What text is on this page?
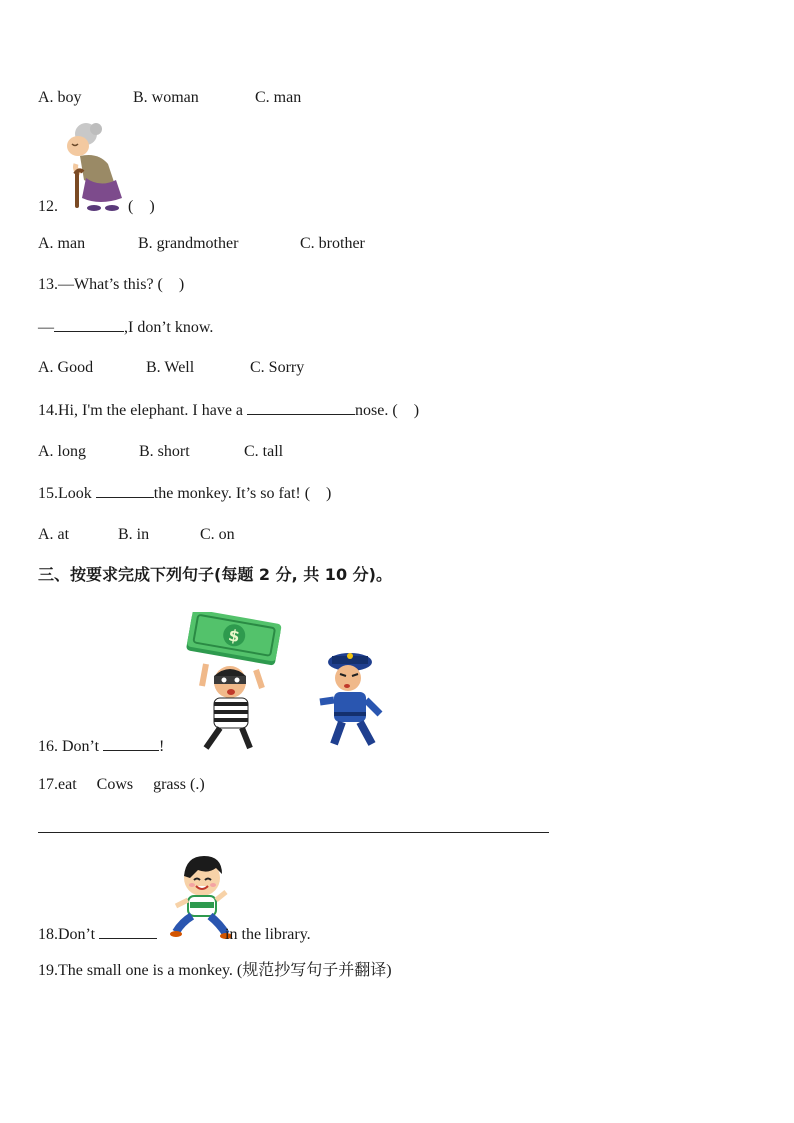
A. boy	B. woman	C. man
12.	(    )
A. man	B. grandmother	C. brother
13.—What’s this? (    )
—	,I don’t know.
A. Good	B. Well	C. Sorry
14.Hi, I'm the elephant. I have a	nose. (    )
A. long	B. short	C. tall
15.Look	the monkey. It’s so fat! (    )
A. at	B. in	C. on
三、按要求完成下列句子(每题 2 分, 共 10 分)。
$
16. Don’t	!
17.eat     Cows     grass (.)
18.Don’t	in the library.
19.The small one is a monkey. (规范抄写句子并翻译)
